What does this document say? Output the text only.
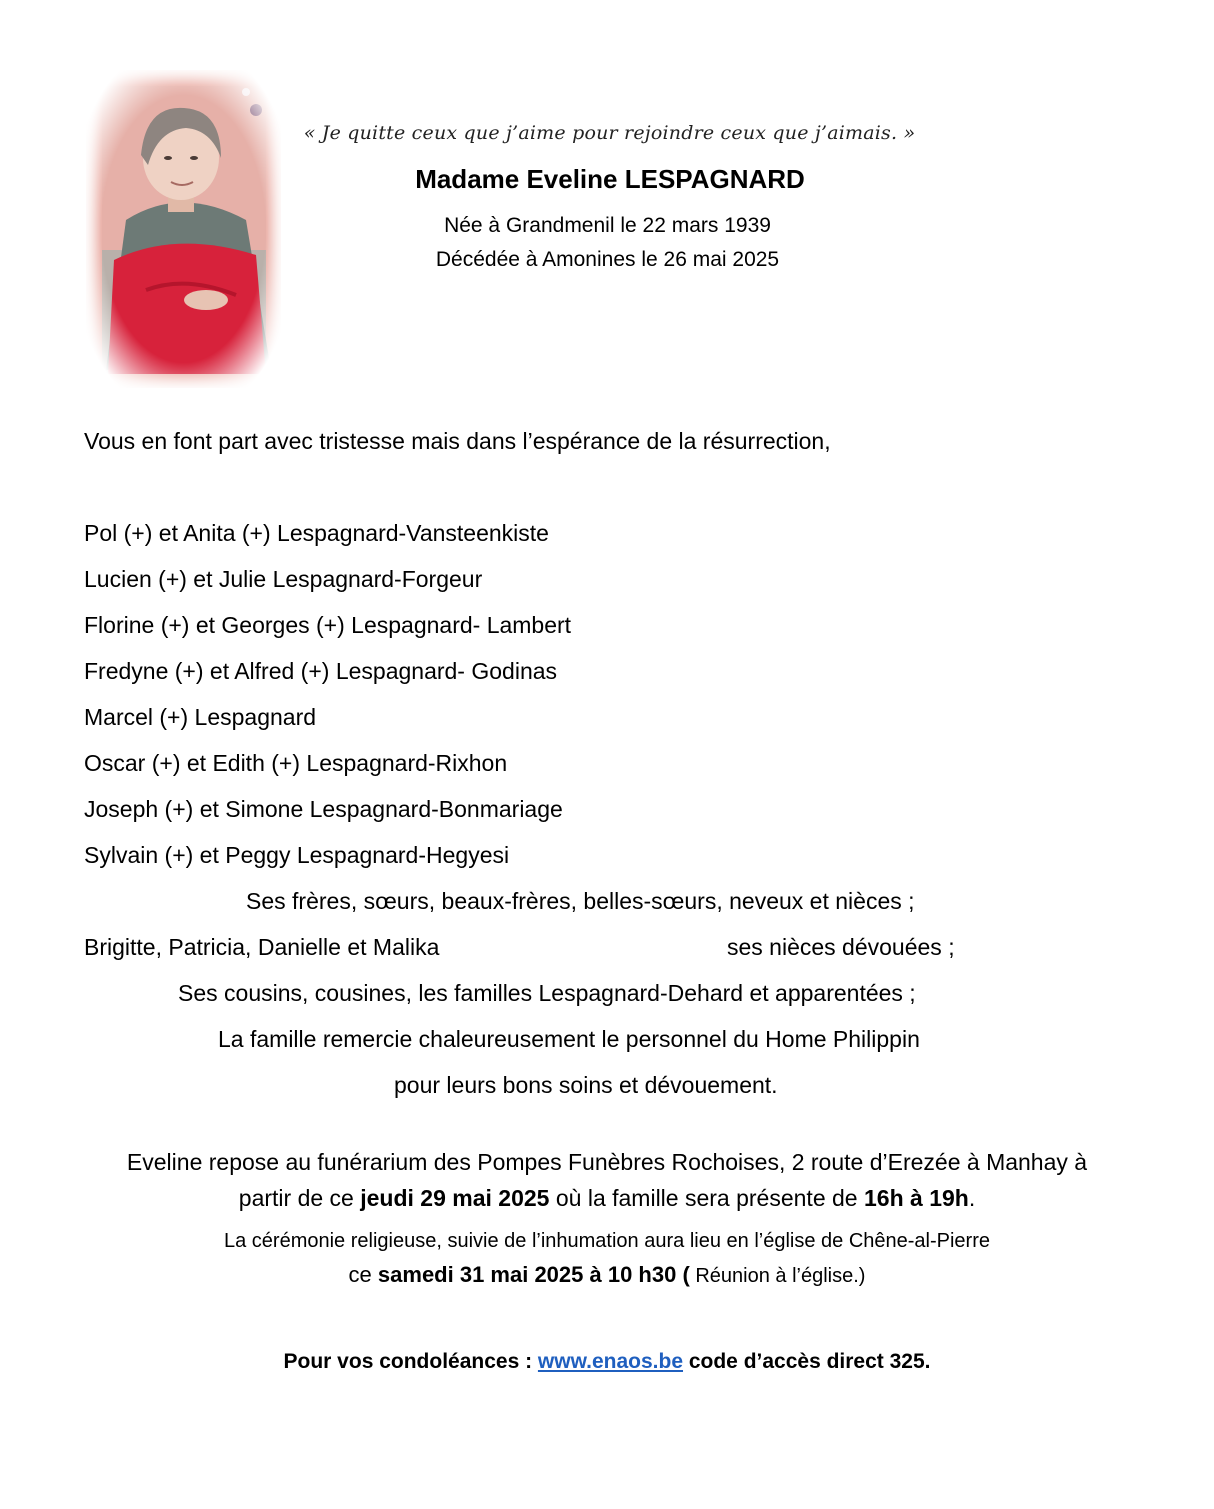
« Je quitte ceux que j’aime pour rejoindre ceux que j’aimais. »
Madame Eveline LESPAGNARD
Née à Grandmenil le 22 mars 1939
Décédée à Amonines le 26 mai 2025
Vous en font part avec tristesse mais dans l’espérance de la résurrection,
Pol (+) et Anita (+) Lespagnard-Vansteenkiste
Lucien (+) et Julie Lespagnard-Forgeur
Florine (+) et Georges (+) Lespagnard- Lambert
Fredyne (+) et Alfred (+) Lespagnard- Godinas
Marcel (+) Lespagnard
Oscar (+) et Edith (+) Lespagnard-Rixhon
Joseph (+) et Simone Lespagnard-Bonmariage
Sylvain (+) et Peggy Lespagnard-Hegyesi
Ses frères, sœurs, beaux-frères, belles-sœurs, neveux et nièces ;
Brigitte, Patricia, Danielle et Malika	ses nièces dévouées ;
Ses cousins, cousines, les familles Lespagnard-Dehard et apparentées ;
La famille remercie chaleureusement le personnel du Home Philippin
pour leurs bons soins et dévouement.
Eveline repose au funérarium des Pompes Funèbres Rochoises, 2 route d’Erezée à Manhay à
partir de ce jeudi 29 mai 2025 où la famille sera présente de 16h à 19h.
La cérémonie religieuse, suivie de l’inhumation aura lieu en l’église de Chêne-al-Pierre
ce samedi 31 mai 2025 à 10 h30 ( Réunion à l’église.)
Pour vos condoléances : www.enaos.be code d’accès direct 325.
